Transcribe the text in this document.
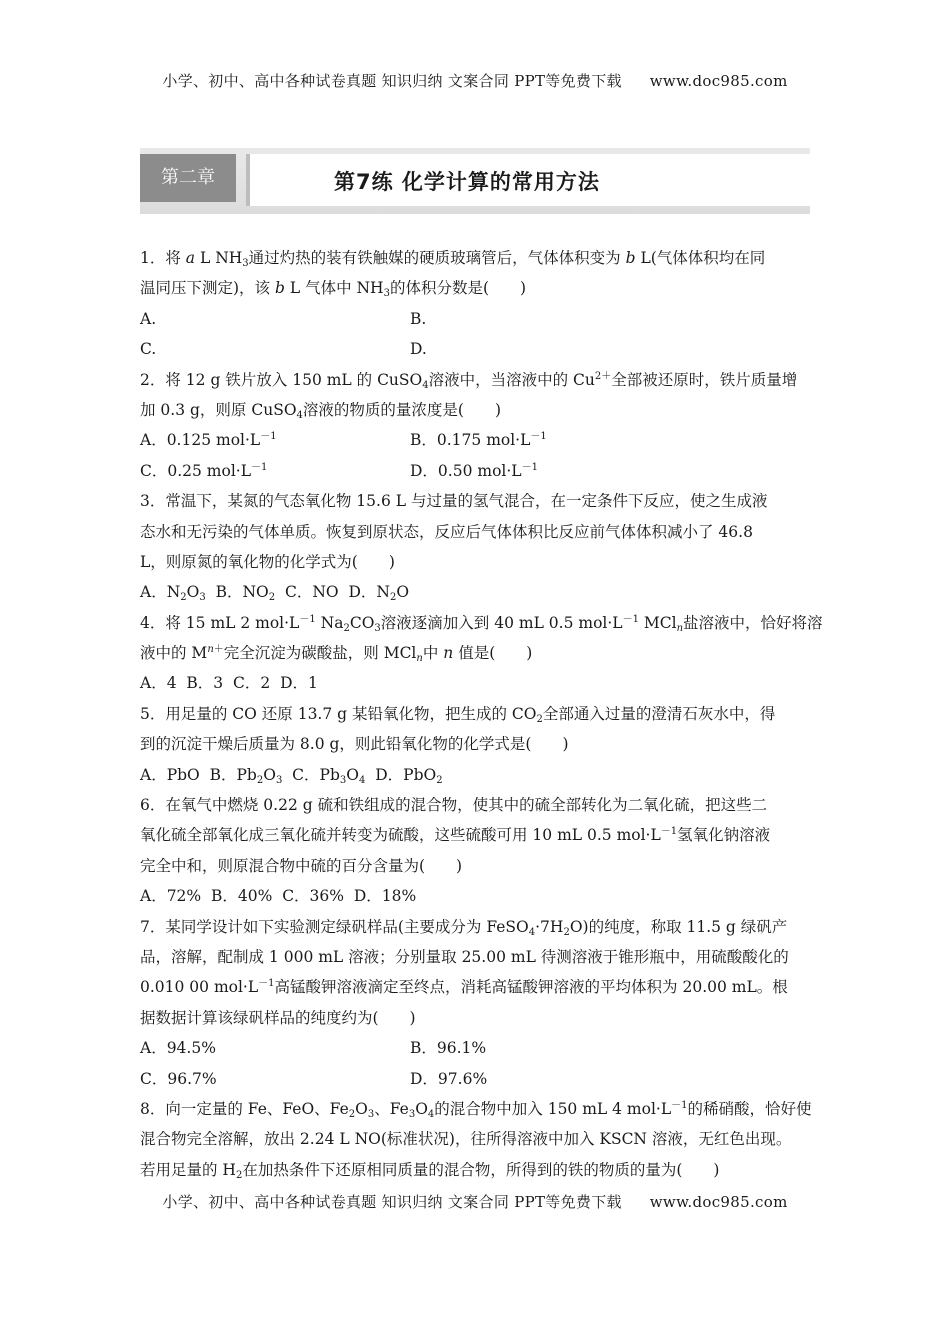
小学、初中、高中各种试卷真题 知识归纳 文案合同 PPT等免费下载 www.doc985.com
第二章	第7练 化学计算的常用方法
1．将 a L $NH_3$通过灼热的装有铁触媒的硬质玻璃管后，气体体积变为 b L(气体体积均在同
温同压下测定)，该 b L 气体中 $NH_3$的体积分数是(　　)
A.	B.
C.	D.
2．将 12 g 铁片放入 150 mL 的 CuSO$_4$溶液中，当溶液中的 $Cu^{2+}$全部被还原时，铁片质量增
加 0.3 g，则原 CuSO$_4$溶液的物质的量浓度是(　　)
A．0.125 $mol\cdot L^{-1}$	B．0.175 $mol\cdot L^{-1}$
C．0.25 $mol\cdot L^{-1}$	D．0.50 $mol\cdot L^{-1}$
3．常温下，某氮的气态氧化物 15.6 L 与过量的氢气混合，在一定条件下反应，使之生成液
态水和无污染的气体单质。恢复到原状态，反应后气体体积比反应前气体体积减小了 46.8
L，则原氮的氧化物的化学式为(　　)
A．$N_2O_3$  B．$NO_2$  C．NO  D．$N_2O$
4．将 15 mL 2 $mol\cdot L^{-1}$ $Na_2CO_3$溶液逐滴加入到 40 mL 0.5 $mol\cdot L^{-1}$ MCl$_n$盐溶液中，恰好将溶
液中的 $M^{n+}$完全沉淀为碳酸盐，则 MCl$_n$中 n 值是(　　)
A．4  B．3  C．2  D．1
5．用足量的 CO 还原 13.7 g 某铅氧化物，把生成的 $CO_2$全部通入过量的澄清石灰水中，得
到的沉淀干燥后质量为 8.0 g，则此铅氧化物的化学式是(　　)
A．PbO  B．$Pb_2O_3$  C．$Pb_3O_4$  D．PbO$_2$
6．在氧气中燃烧 0.22 g 硫和铁组成的混合物，使其中的硫全部转化为二氧化硫，把这些二
氧化硫全部氧化成三氧化硫并转变为硫酸，这些硫酸可用 10 mL 0.5 $mol\cdot L^{-1}$氢氧化钠溶液
完全中和，则原混合物中硫的百分含量为(　　)
A．72%  B．40%  C．36%  D．18%
7．某同学设计如下实验测定绿矾样品(主要成分为 $FeSO_4\cdot 7H_2O$)的纯度，称取 11.5 g 绿矾产
品，溶解，配制成 1 000 mL 溶液；分别量取 25.00 mL 待测溶液于锥形瓶中，用硫酸酸化的
0.010 00 $mol\cdot L^{-1}$高锰酸钾溶液滴定至终点，消耗高锰酸钾溶液的平均体积为 20.00 mL。根
据数据计算该绿矾样品的纯度约为(　　)
A．94.5%	B．96.1%
C．96.7%	D．97.6%
8．向一定量的 Fe、FeO、$Fe_2O_3$、$Fe_3O_4$的混合物中加入 150 mL 4 $mol\cdot L^{-1}$的稀硝酸，恰好使
混合物完全溶解，放出 2.24 L NO(标准状况)，往所得溶液中加入 KSCN 溶液，无红色出现。
若用足量的 $H_2$在加热条件下还原相同质量的混合物，所得到的铁的物质的量为(　　)
小学、初中、高中各种试卷真题 知识归纳 文案合同 PPT等免费下载 www.doc985.com
